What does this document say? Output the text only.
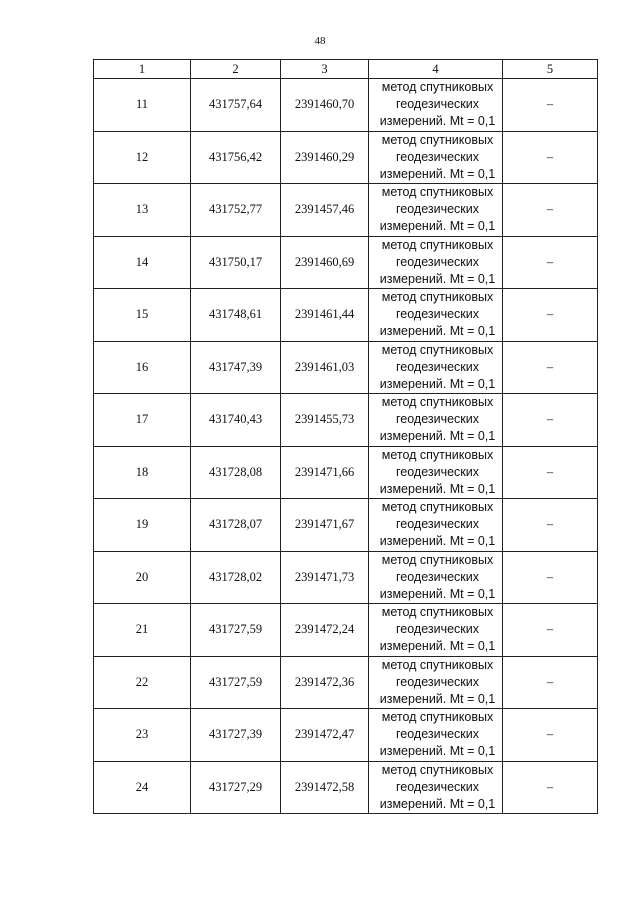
48
1	2	3	4	5
11	431757,64	2391460,70	метод спутниковых
геодезических
измерений. Mt = 0,1	–
12	431756,42	2391460,29	метод спутниковых
геодезических
измерений. Mt = 0,1	–
13	431752,77	2391457,46	метод спутниковых
геодезических
измерений. Mt = 0,1	–
14	431750,17	2391460,69	метод спутниковых
геодезических
измерений. Mt = 0,1	–
15	431748,61	2391461,44	метод спутниковых
геодезических
измерений. Mt = 0,1	–
16	431747,39	2391461,03	метод спутниковых
геодезических
измерений. Mt = 0,1	–
17	431740,43	2391455,73	метод спутниковых
геодезических
измерений. Mt = 0,1	–
18	431728,08	2391471,66	метод спутниковых
геодезических
измерений. Mt = 0,1	–
19	431728,07	2391471,67	метод спутниковых
геодезических
измерений. Mt = 0,1	–
20	431728,02	2391471,73	метод спутниковых
геодезических
измерений. Mt = 0,1	–
21	431727,59	2391472,24	метод спутниковых
геодезических
измерений. Mt = 0,1	–
22	431727,59	2391472,36	метод спутниковых
геодезических
измерений. Mt = 0,1	–
23	431727,39	2391472,47	метод спутниковых
геодезических
измерений. Mt = 0,1	–
24	431727,29	2391472,58	метод спутниковых
геодезических
измерений. Mt = 0,1	–
